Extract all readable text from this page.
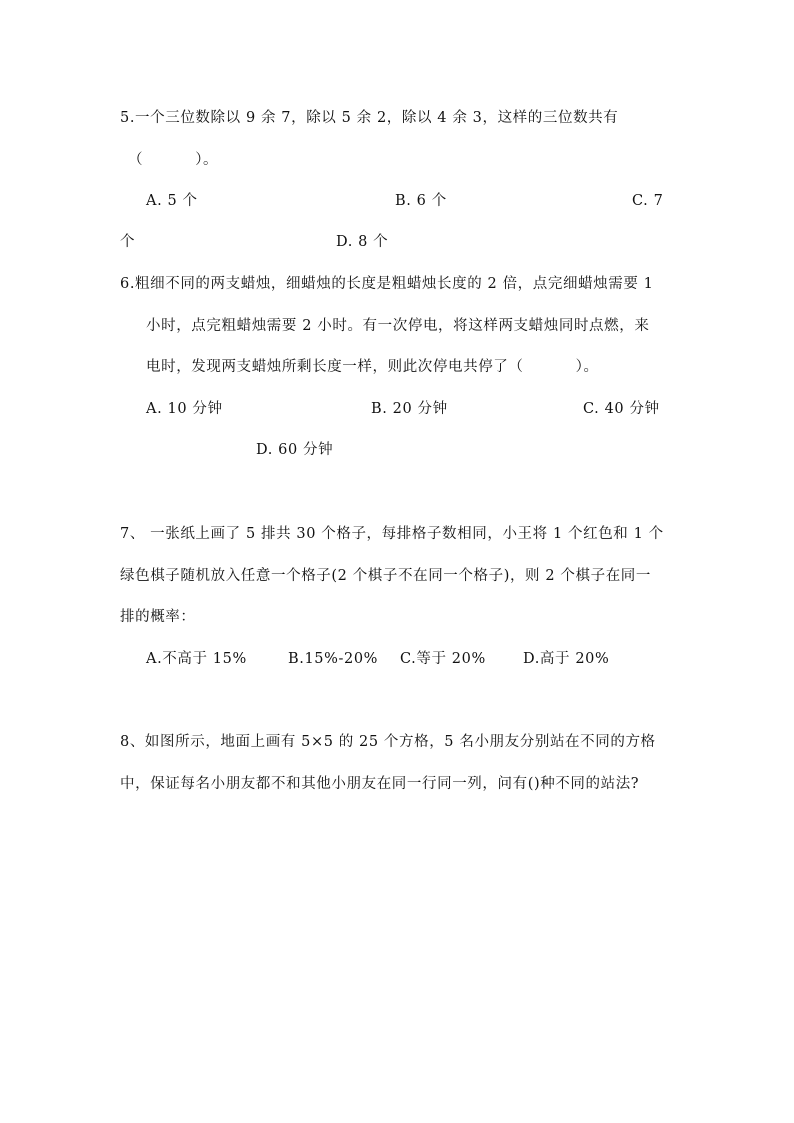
5.一个三位数除以 9 余 7，除以 5 余 2，除以 4 余 3，这样的三位数共有
（          ）。
A. 5 个	B. 6 个	C. 7
个	D. 8 个
6.粗细不同的两支蜡烛，细蜡烛的长度是粗蜡烛长度的 2 倍，点完细蜡烛需要 1
小时，点完粗蜡烛需要 2 小时。有一次停电，将这样两支蜡烛同时点燃，来
电时，发现两支蜡烛所剩长度一样，则此次停电共停了（          ）。
A. 10 分钟	B. 20 分钟	C. 40 分钟
D. 60 分钟
7、 一张纸上画了 5 排共 30 个格子，每排格子数相同，小王将 1 个红色和 1 个
绿色棋子随机放入任意一个格子(2 个棋子不在同一个格子)，则 2 个棋子在同一
排的概率：
A.不高于 15%	B.15%-20% C.等于 20%	D.高于 20%
8、如图所示，地面上画有 5×5 的 25 个方格，5 名小朋友分别站在不同的方格
中，保证每名小朋友都不和其他小朋友在同一行同一列，问有()种不同的站法?
